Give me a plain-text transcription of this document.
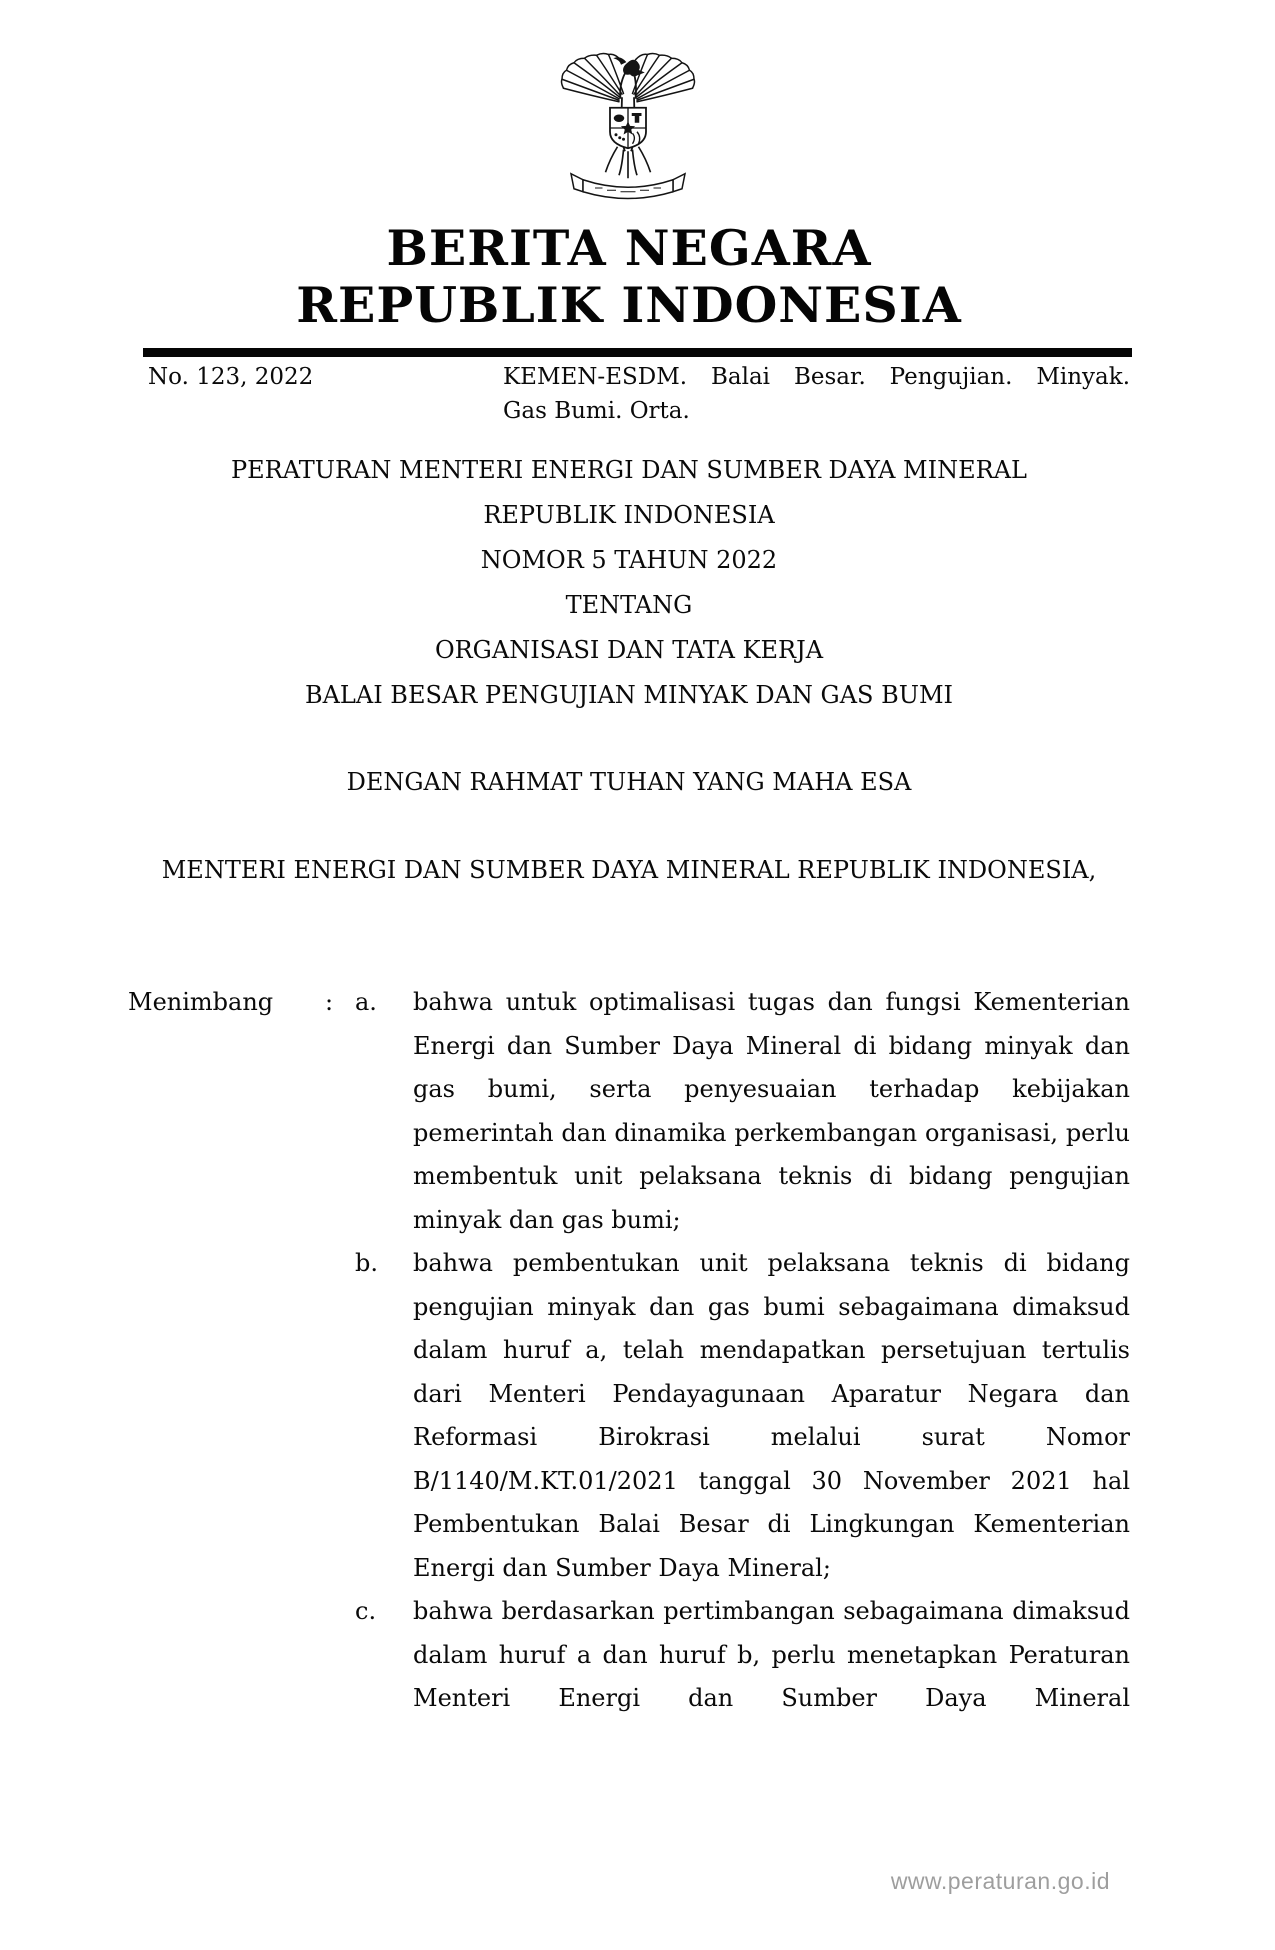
BERITA NEGARA
REPUBLIK INDONESIA
No. 123, 2022	KEMEN-ESDM. Balai Besar. Pengujian. Minyak.
Gas Bumi. Orta.
PERATURAN MENTERI ENERGI DAN SUMBER DAYA MINERAL
REPUBLIK INDONESIA
NOMOR 5 TAHUN 2022
TENTANG
ORGANISASI DAN TATA KERJA
BALAI BESAR PENGUJIAN MINYAK DAN GAS BUMI
DENGAN RAHMAT TUHAN YANG MAHA ESA
MENTERI ENERGI DAN SUMBER DAYA MINERAL REPUBLIK INDONESIA,
Menimbang	: a.	bahwa untuk optimalisasi tugas dan fungsi Kementerian Energi dan Sumber Daya Mineral di bidang minyak dan gas bumi, serta penyesuaian terhadap kebijakan pemerintah dan dinamika perkembangan organisasi, perlu membentuk unit pelaksana teknis di bidang pengujian minyak dan gas bumi;
b.	bahwa pembentukan unit pelaksana teknis di bidang pengujian minyak dan gas bumi sebagaimana dimaksud dalam huruf a, telah mendapatkan persetujuan tertulis dari Menteri Pendayagunaan Aparatur Negara dan Reformasi Birokrasi melalui surat Nomor B/1140/M.KT.01/2021 tanggal 30 November 2021 hal Pembentukan Balai Besar di Lingkungan Kementerian Energi dan Sumber Daya Mineral;
c.	bahwa berdasarkan pertimbangan sebagaimana dimaksud dalam huruf a dan huruf b, perlu menetapkan Peraturan Menteri Energi dan Sumber Daya Mineral
www.peraturan.go.id
